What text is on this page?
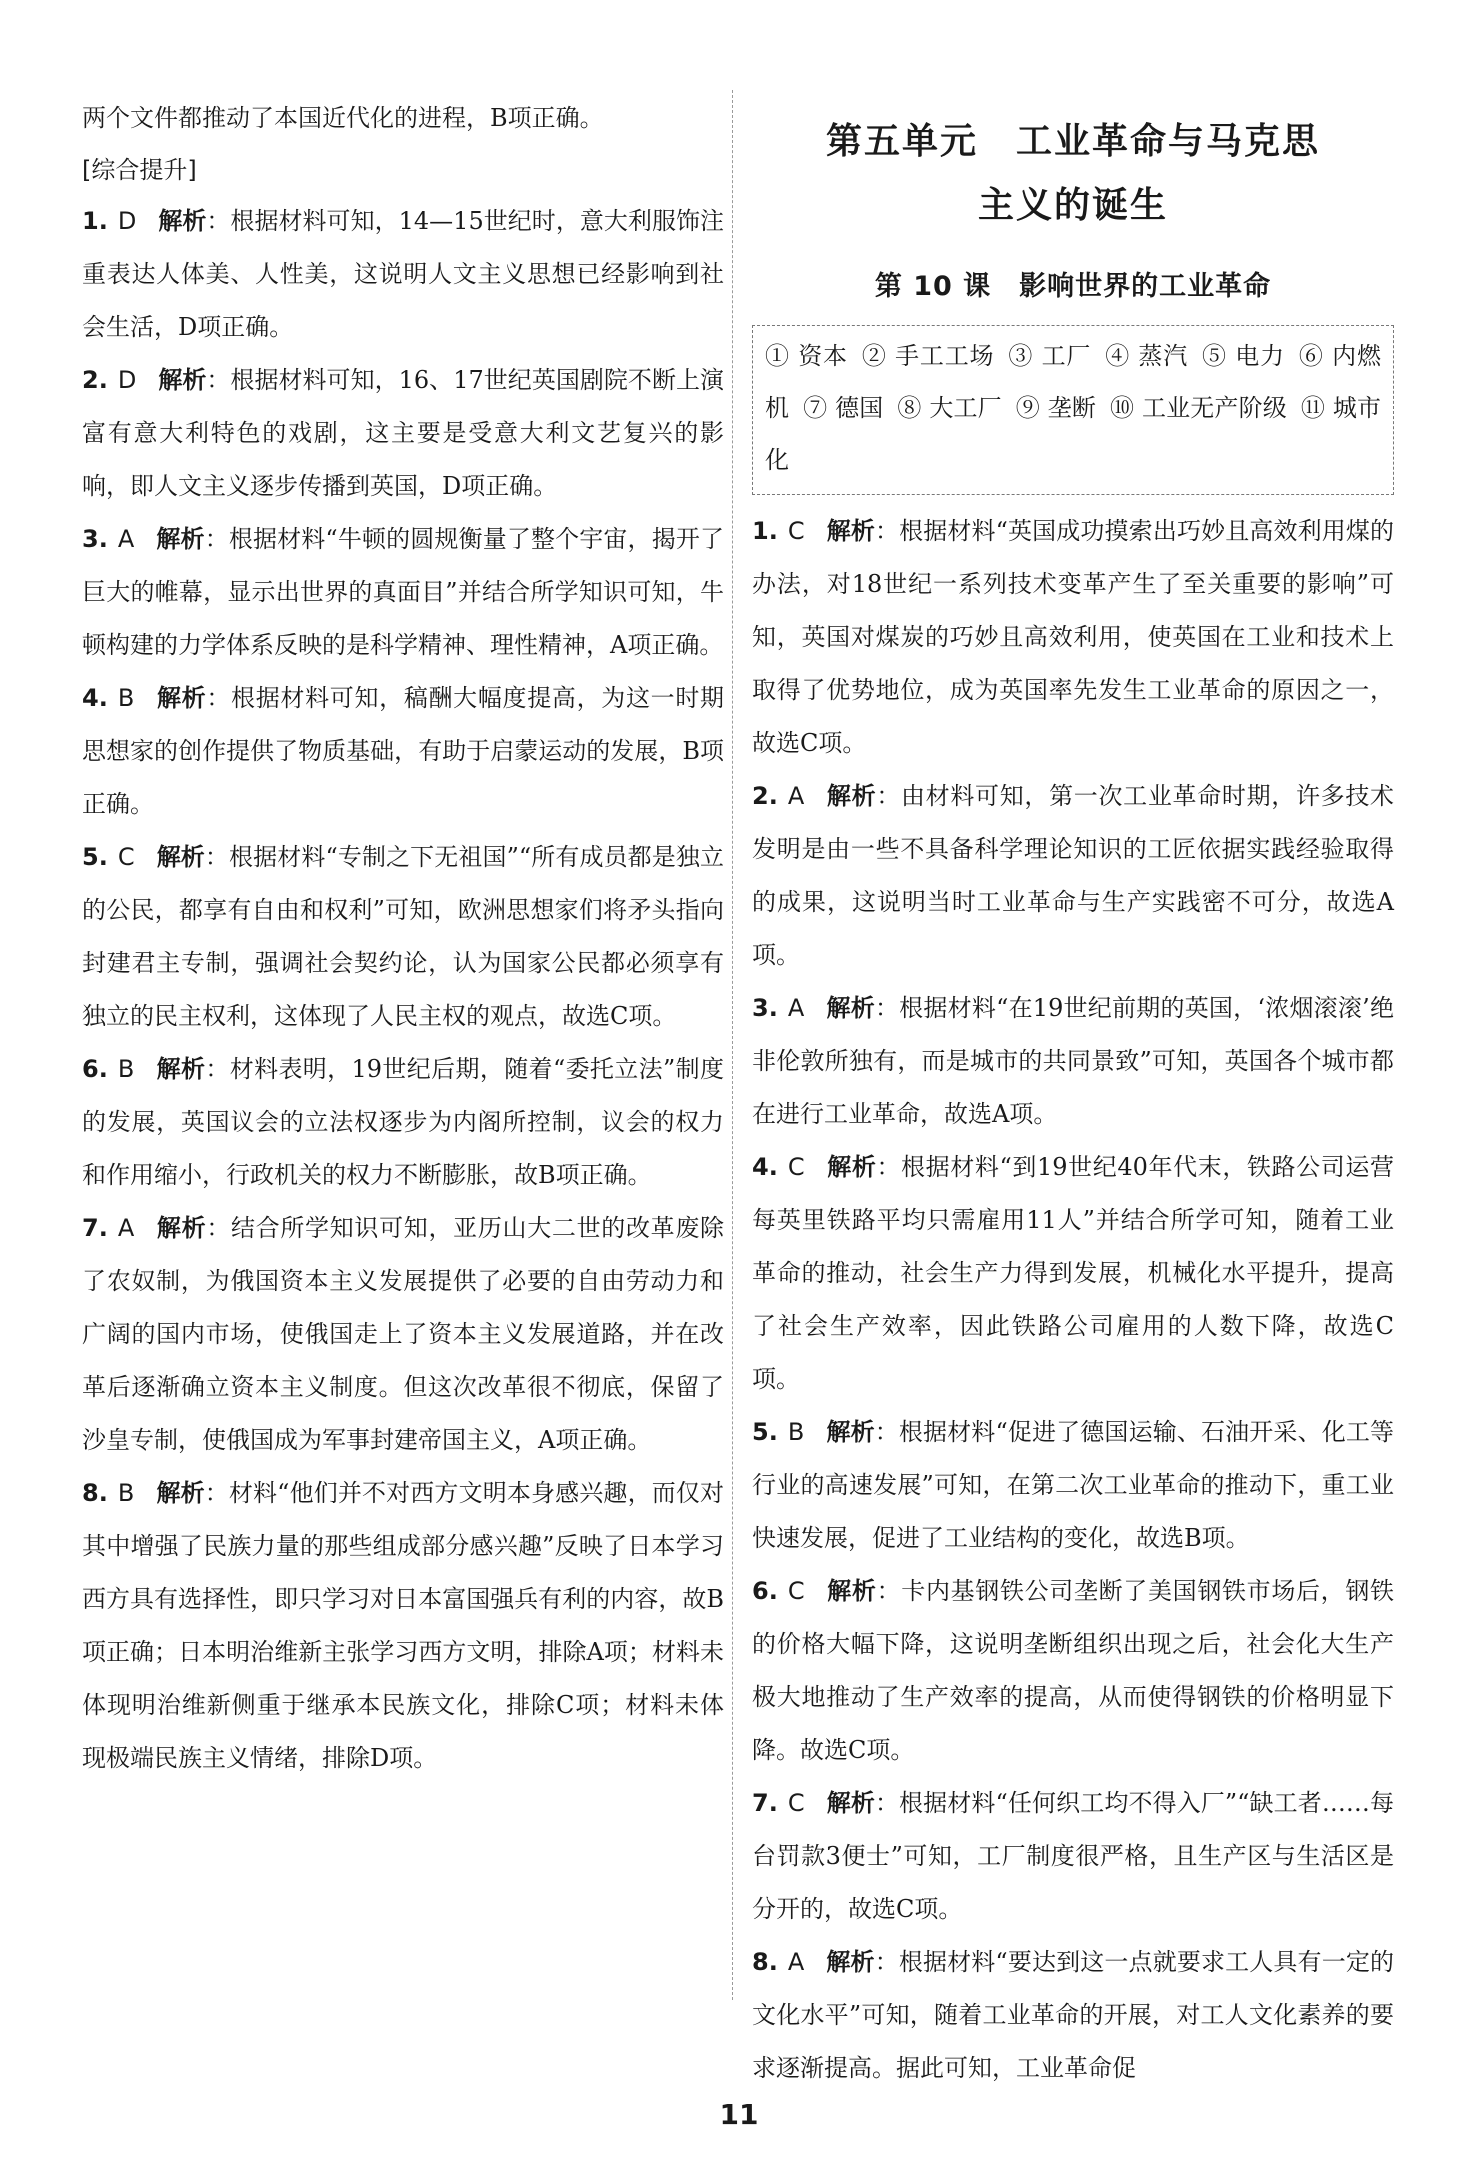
两个文件都推动了本国近代化的进程，B项正确。

[综合提升]

1. D 解析：根据材料可知，14—15世纪时，意大利服饰注重表达人体美、人性美，这说明人文主义思想已经影响到社会生活，D项正确。

2. D 解析：根据材料可知，16、17世纪英国剧院不断上演富有意大利特色的戏剧，这主要是受意大利文艺复兴的影响，即人文主义逐步传播到英国，D项正确。

3. A 解析：根据材料“牛顿的圆规衡量了整个宇宙，揭开了巨大的帷幕，显示出世界的真面目”并结合所学知识可知，牛顿构建的力学体系反映的是科学精神、理性精神，A项正确。

4. B 解析：根据材料可知，稿酬大幅度提高，为这一时期思想家的创作提供了物质基础，有助于启蒙运动的发展，B项正确。

5. C 解析：根据材料“专制之下无祖国”“所有成员都是独立的公民，都享有自由和权利”可知，欧洲思想家们将矛头指向封建君主专制，强调社会契约论，认为国家公民都必须享有独立的民主权利，这体现了人民主权的观点，故选C项。

6. B 解析：材料表明，19世纪后期，随着“委托立法”制度的发展，英国议会的立法权逐步为内阁所控制，议会的权力和作用缩小，行政机关的权力不断膨胀，故B项正确。

7. A 解析：结合所学知识可知，亚历山大二世的改革废除了农奴制，为俄国资本主义发展提供了必要的自由劳动力和广阔的国内市场，使俄国走上了资本主义发展道路，并在改革后逐渐确立资本主义制度。但这次改革很不彻底，保留了沙皇专制，使俄国成为军事封建帝国主义，A项正确。

8. B 解析：材料“他们并不对西方文明本身感兴趣，而仅对其中增强了民族力量的那些组成部分感兴趣”反映了日本学习西方具有选择性，即只学习对日本富国强兵有利的内容，故B项正确；日本明治维新主张学习西方文明，排除A项；材料未体现明治维新侧重于继承本民族文化，排除C项；材料未体现极端民族主义情绪，排除D项。

第五单元　工业革命与马克思
主义的诞生
第 10 课　影响世界的工业革命

① 资本 ② 手工工场 ③ 工厂 ④ 蒸汽 ⑤ 电力 ⑥ 内燃机 ⑦ 德国 ⑧ 大工厂 ⑨ 垄断 ⑩ 工业无产阶级 ⑪ 城市化

1. C 解析：根据材料“英国成功摸索出巧妙且高效利用煤的办法，对18世纪一系列技术变革产生了至关重要的影响”可知，英国对煤炭的巧妙且高效利用，使英国在工业和技术上取得了优势地位，成为英国率先发生工业革命的原因之一，故选C项。

2. A 解析：由材料可知，第一次工业革命时期，许多技术发明是由一些不具备科学理论知识的工匠依据实践经验取得的成果，这说明当时工业革命与生产实践密不可分，故选A项。

3. A 解析：根据材料“在19世纪前期的英国，‘浓烟滚滚’绝非伦敦所独有，而是城市的共同景致”可知，英国各个城市都在进行工业革命，故选A项。

4. C 解析：根据材料“到19世纪40年代末，铁路公司运营每英里铁路平均只需雇用11人”并结合所学可知，随着工业革命的推动，社会生产力得到发展，机械化水平提升，提高了社会生产效率，因此铁路公司雇用的人数下降，故选C项。

5. B 解析：根据材料“促进了德国运输、石油开采、化工等行业的高速发展”可知，在第二次工业革命的推动下，重工业快速发展，促进了工业结构的变化，故选B项。

6. C 解析：卡内基钢铁公司垄断了美国钢铁市场后，钢铁的价格大幅下降，这说明垄断组织出现之后，社会化大生产极大地推动了生产效率的提高，从而使得钢铁的价格明显下降。故选C项。

7. C 解析：根据材料“任何织工均不得入厂”“缺工者……每台罚款3便士”可知，工厂制度很严格，且生产区与生活区是分开的，故选C项。

8. A 解析：根据材料“要达到这一点就要求工人具有一定的文化水平”可知，随着工业革命的开展，对工人文化素养的要求逐渐提高。据此可知，工业革命促

11
